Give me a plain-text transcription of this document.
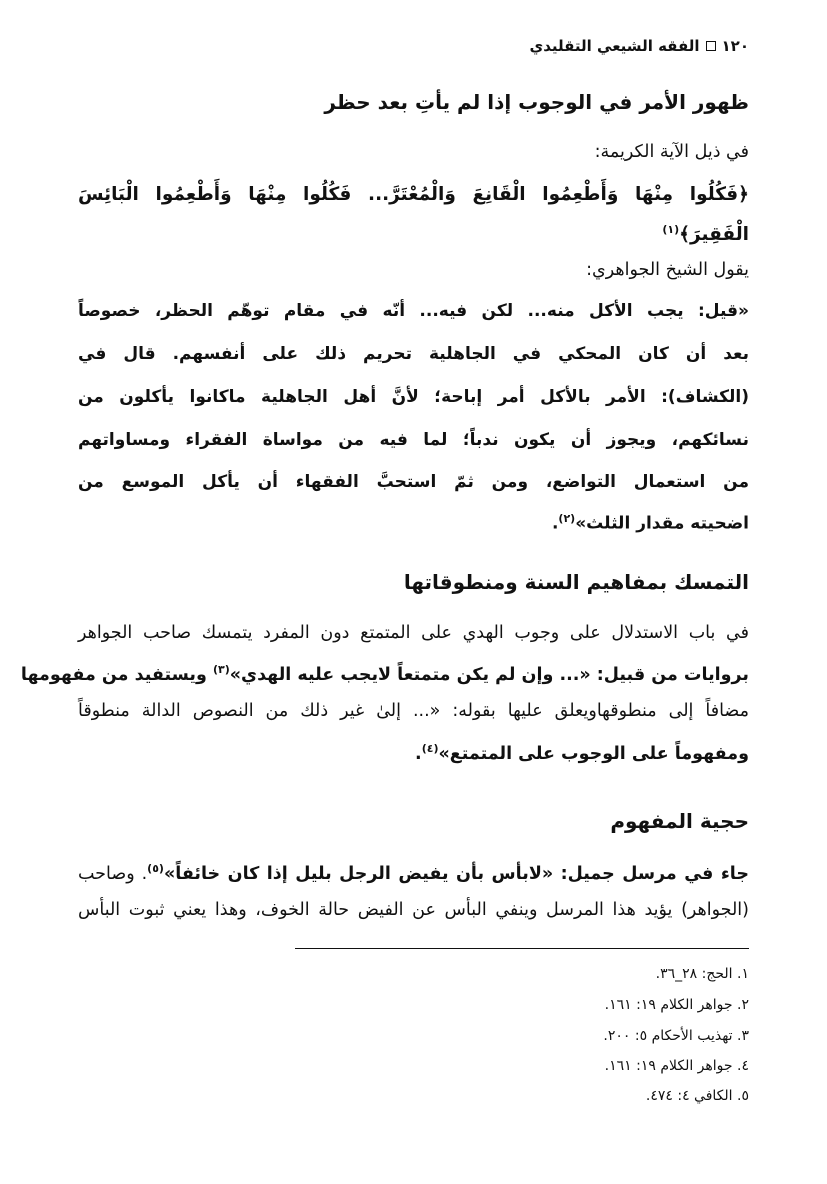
١٢٠
الفقه الشيعي التقليدي
ظهور الأمر في الوجوب إذا لم يأتِ بعد حظر
في ذيل الآية الكريمة:
﴿فَكُلُوا مِنْهَا وَأَطْعِمُوا الْقَانِعَ وَالْمُعْتَرَّ... فَكُلُوا مِنْهَا وَأَطْعِمُوا الْبَائِسَ
الْفَقِيرَ﴾$^{(١)}$
يقول الشيخ الجواهري:
«قيل: يجب الأكل منه... لكن فيه... أنّه في مقام توهّم الحظر، خصوصاً
بعد أن كان المحكي في الجاهلية تحريم ذلك على أنفسهم. قال في
(الكشاف): الأمر بالأكل أمر إباحة؛ لأنَّ أهل الجاهلية ماكانوا يأكلون من
نسائكهم، ويجوز أن يكون ندباً؛ لما فيه من مواساة الفقراء ومساواتهم
من استعمال التواضع، ومن ثمّ استحبَّ الفقهاء أن يأكل الموسع من
اضحيته مقدار الثلث»$^{(٢)}$.
التمسك بمفاهيم السنة ومنطوقاتها
في باب الاستدلال على وجوب الهدي على المتمتع دون المفرد يتمسك صاحب الجواهر
بروايات من قبيل: «... وإن لم يكن متمتعاً لايجب عليه الهدي»$^{(٣)}$ ويستفيد من مفهومها
مضافاً إلى منطوقهاويعلق عليها بقوله: «... إلىٰ غير ذلك من النصوص الدالة منطوقاً
ومفهوماً على الوجوب على المتمتع»$^{(٤)}$.
حجية المفهوم
جاء في مرسل جميل: «لابأس بأن يفيض الرجل بليل إذا كان خائفاً»$^{(٥)}$. وصاحب
(الجواهر) يؤيد هذا المرسل وينفي البأس عن الفيض حالة الخوف، وهذا يعني ثبوت البأس
١. الحج: ٢٨_٣٦.
٢. جواهر الكلام ١٩: ١٦١.
٣. تهذيب الأحكام ٥: ٢٠٠.
٤. جواهر الكلام ١٩: ١٦١.
٥. الكافي ٤: ٤٧٤.
